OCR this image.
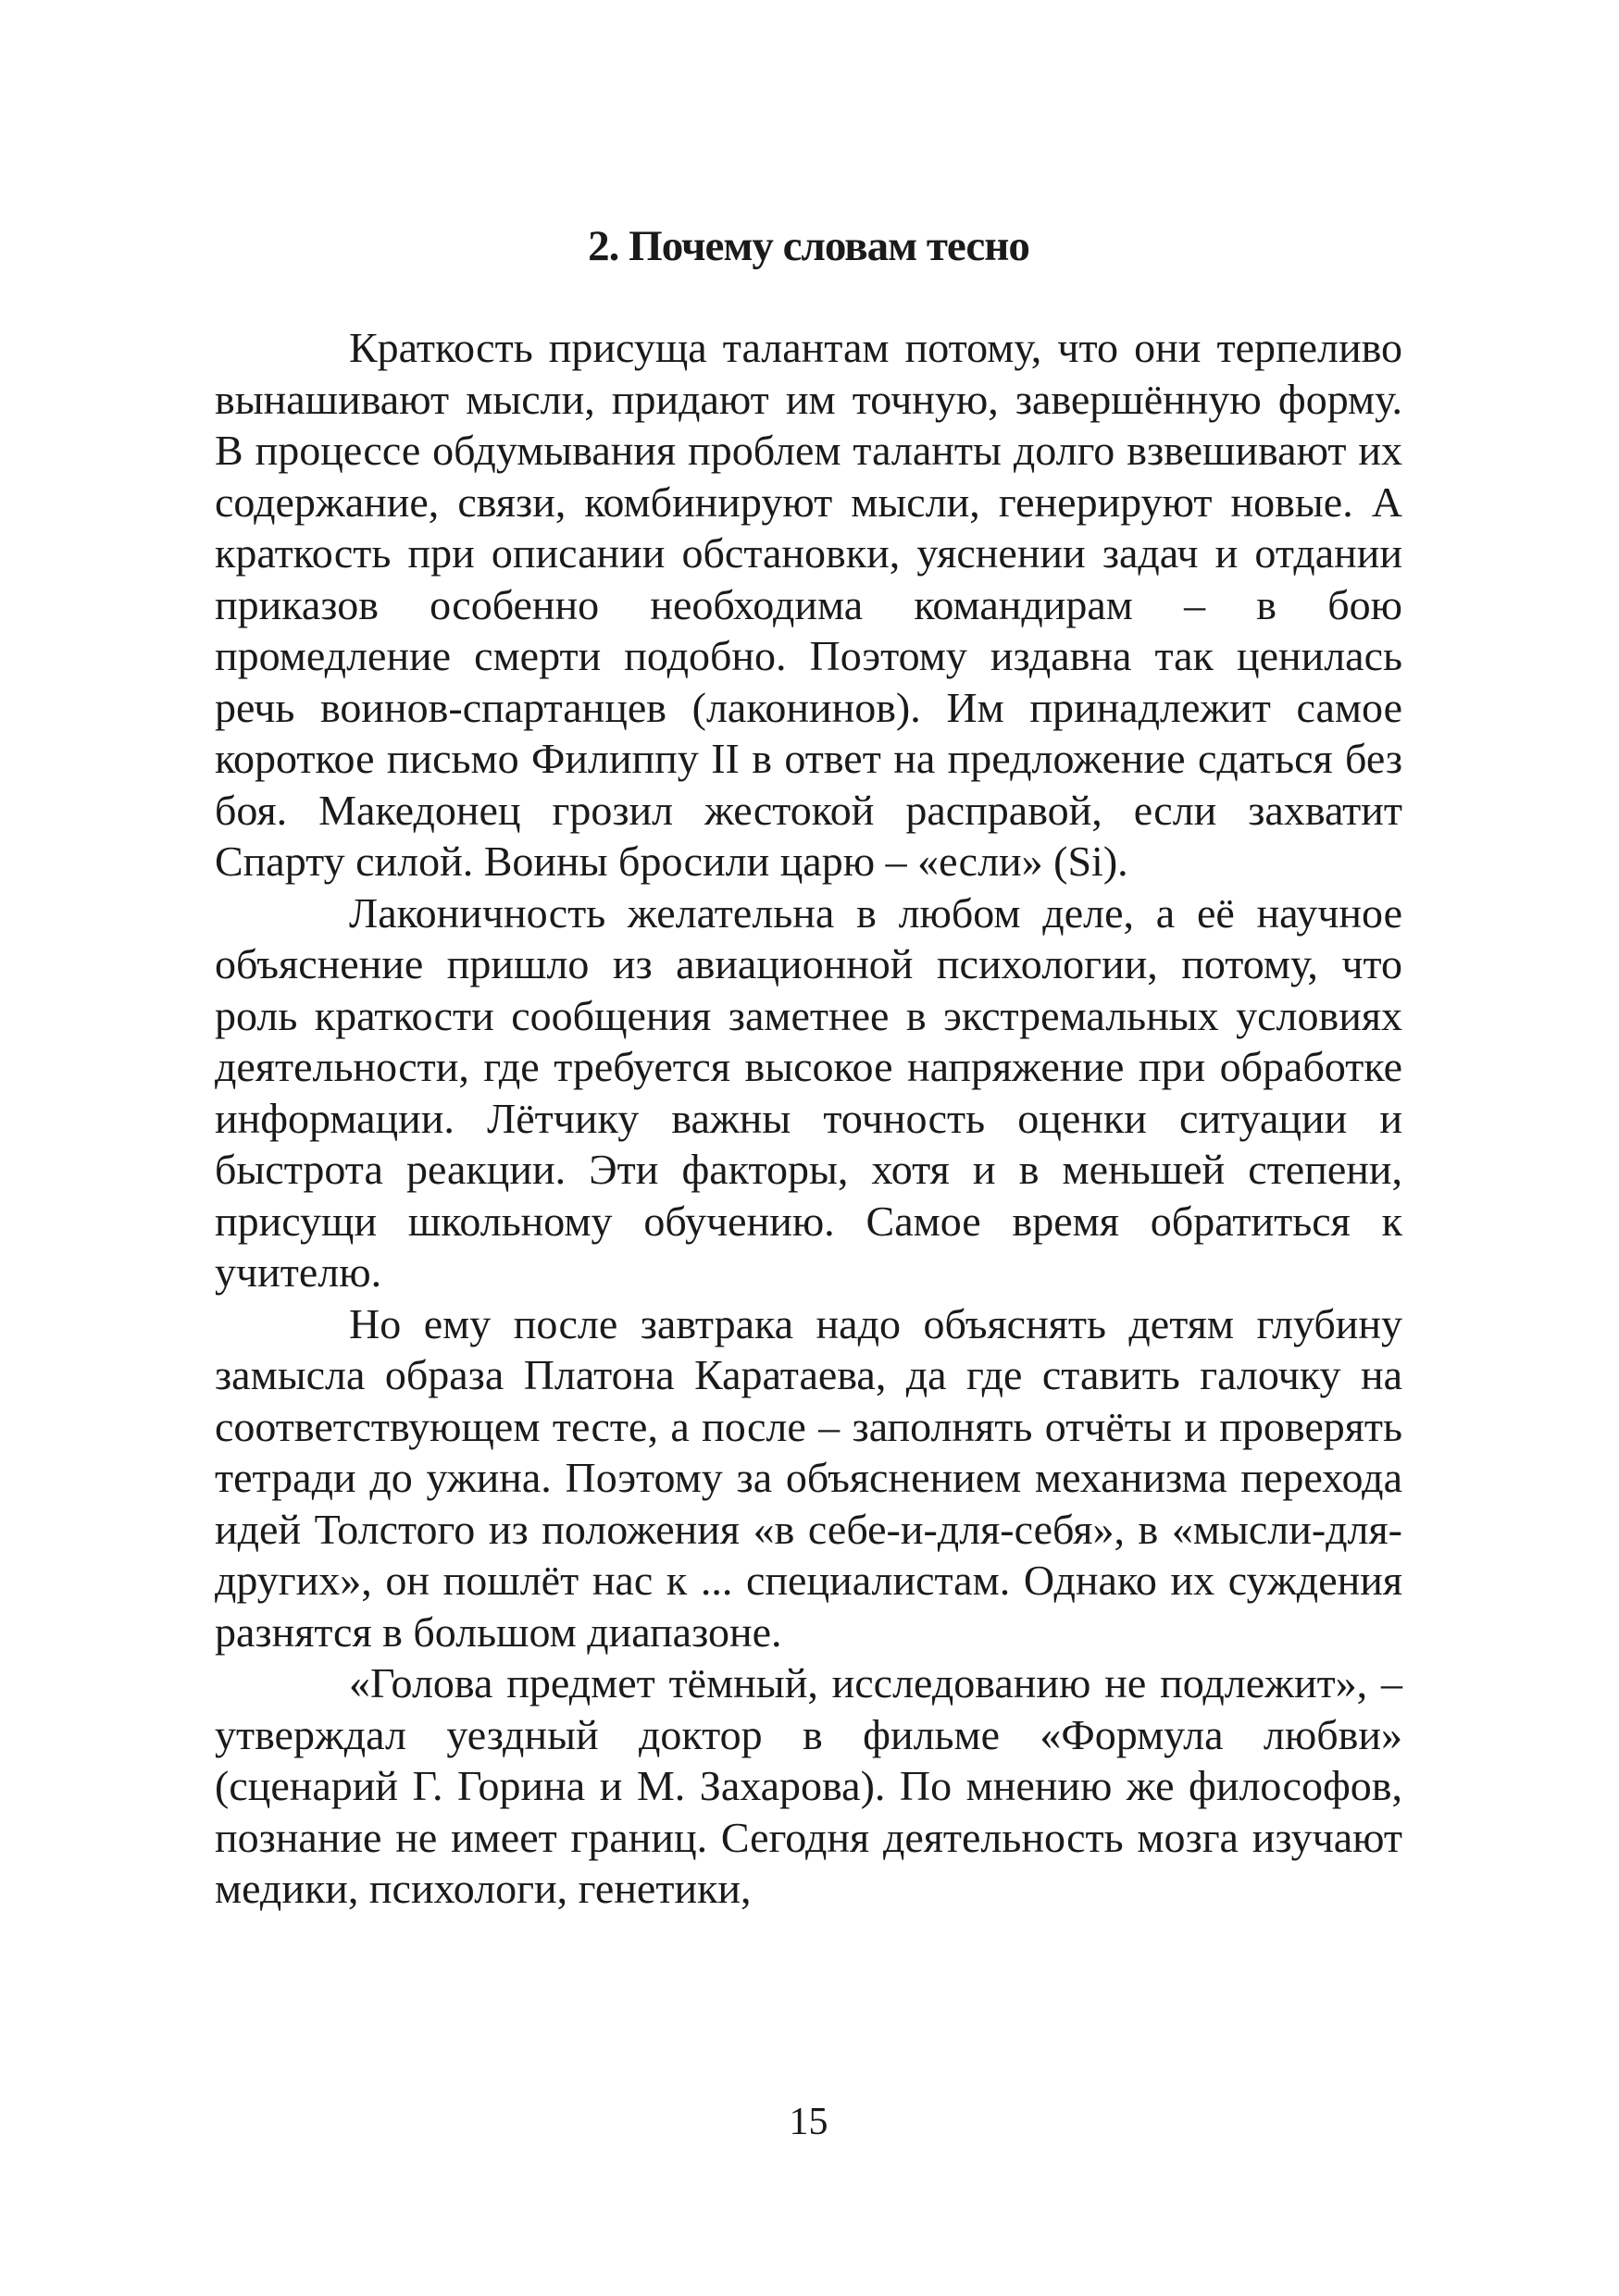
2. Почему словам тесно

Краткость присуща талантам потому, что они терпеливо вынашивают мысли, придают им точную, завершённую форму. В процессе обдумывания проблем таланты долго взвешивают их содержание, связи, комбинируют мысли, генерируют новые. А краткость при описании обстановки, уяснении задач и отдании приказов особенно необходима командирам – в бою промедление смерти подобно. Поэтому издавна так ценилась речь воинов-спартанцев (лаконинов). Им принадлежит самое короткое письмо Филиппу II в ответ на предложение сдаться без боя. Македонец грозил жестокой расправой, если захватит Спарту силой. Воины бросили царю – «если» (Si).

Лаконичность желательна в любом деле, а её научное объяснение пришло из авиационной психологии, потому, что роль краткости сообщения заметнее в экстремальных условиях деятельности, где требуется высокое напряжение при обработке информации. Лётчику важны точность оценки ситуации и быстрота реакции. Эти факторы, хотя и в меньшей степени, присущи школьному обучению. Самое время обратиться к учителю.

Но ему после завтрака надо объяснять детям глубину замысла образа Платона Каратаева, да где ставить галочку на соответствующем тесте, а после – заполнять отчёты и проверять тетради до ужина. Поэтому за объяснением механизма перехода идей Толстого из положения «в себе-и-для-себя», в «мысли-для-других», он пошлёт нас к ... специалистам. Однако их суждения разнятся в большом диапазоне.

«Голова предмет тёмный, исследованию не подлежит», – утверждал уездный доктор в фильме «Формула любви» (сценарий Г. Горина и М. Захарова). По мнению же философов, познание не имеет границ. Сегодня деятельность мозга изучают медики, психологи, генетики,

15
